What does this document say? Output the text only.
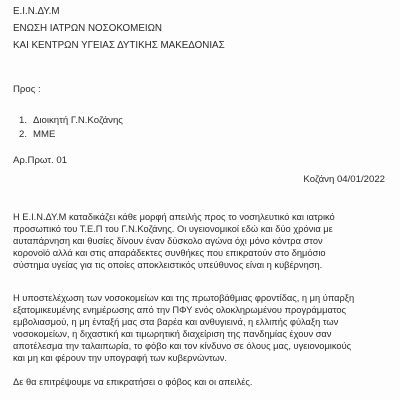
Ε.Ι.Ν.ΔΥ.Μ
ΕΝΩΣΗ ΙΑΤΡΩΝ ΝΟΣΟΚΟΜΕΙΩΝ
ΚΑΙ ΚΕΝΤΡΩΝ ΥΓΕΙΑΣ ΔΥΤΙΚΗΣ ΜΑΚΕΔΟΝΙΑΣ
Προς :
1. Διοικητή Γ.Ν.Κοζάνης
2. ΜΜΕ
Αρ.Πρωτ. 01
Κοζάνη 04/01/2022
Η Ε.Ι.Ν.ΔΥ.Μ καταδικάζει κάθε μορφή απειλής προς το νοσηλευτικό και ιατρικό
προσωπικό του Τ.Ε.Π του Γ.Ν.Κοζάνης. Οι υγειονομικοί εδώ και δύο χρόνια με
αυταπάρνηση και θυσίες δίνουν έναν δύσκολο αγώνα όχι μόνο κόντρα στον
κορονοϊό αλλά και στις απαράδεκτες συνθήκες που επικρατούν στο δημόσιο
σύστημα υγείας για τις οποίες αποκλειστικός υπεύθυνος είναι η κυβέρνηση.
Η υποστελέχωση των νοσοκομείων και της πρωτοβάθμιας φροντίδας, η μη ύπαρξη
εξατομικευμένης ενημέρωσης από την ΠΦΥ ενός ολοκληρωμένου προγράμματος
εμβολιασμού, η μη ένταξή μας στα βαρέα και ανθυγιεινά, η ελλιπής φύλαξη των
νοσοκομείων, η διχαστική και τιμωρητική διαχείριση της πανδημίας έχουν σαν
αποτέλεσμα την ταλαιπωρία, το φόβο και τον κίνδυνο σε όλους μας, υγειονομικούς
και μη και φέρουν την υπογραφή των κυβερνώντων.
Δε θα επιτρέψουμε να επικρατήσει ο φόβος και οι απειλές.
